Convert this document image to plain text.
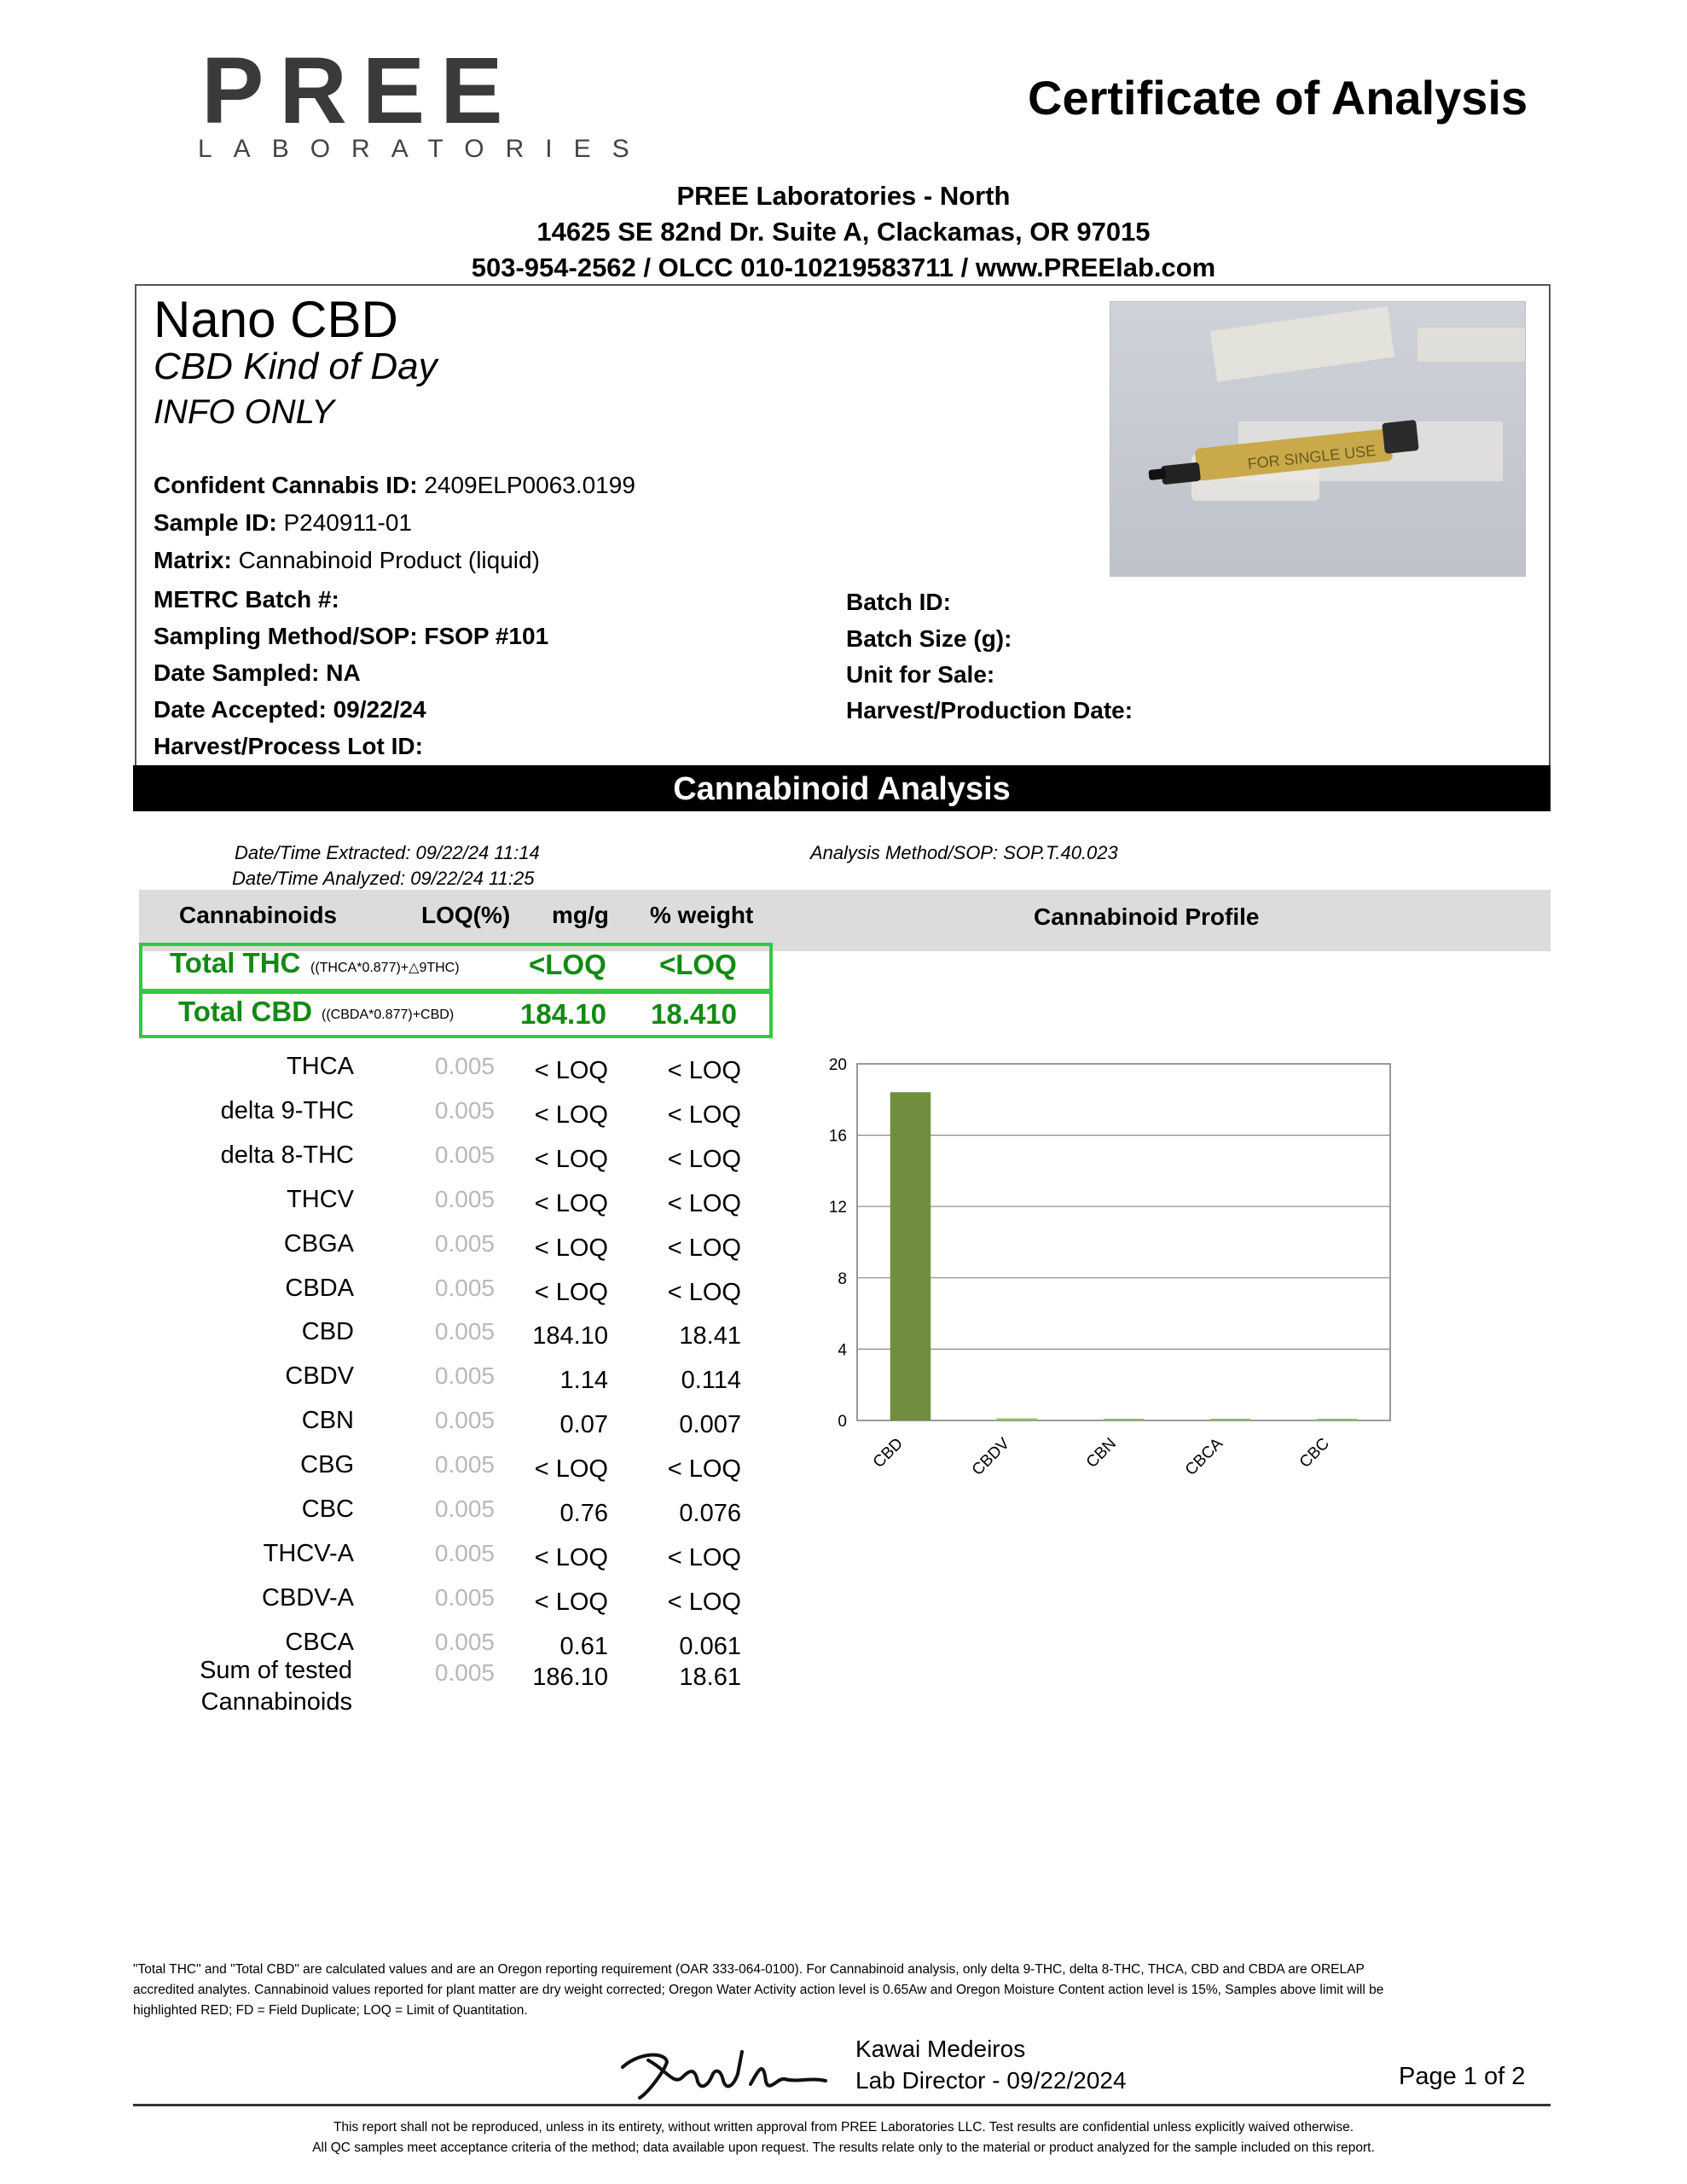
PREE
LABORATORIES
Certificate of Analysis
PREE Laboratories - North
14625 SE 82nd Dr. Suite A, Clackamas, OR 97015
503-954-2562 / OLCC 010-10219583711 / www.PREElab.com
Nano CBD
CBD Kind of Day
INFO ONLY
FOR SINGLE USE
Confident Cannabis ID: 2409ELP0063.0199
Sample ID: P240911-01
Matrix: Cannabinoid Product (liquid)
METRC Batch #:
Sampling Method/SOP: FSOP #101
Date Sampled: NA
Date Accepted: 09/22/24
Harvest/Process Lot ID:
Batch ID:
Batch Size (g):
Unit for Sale:
Harvest/Production Date:
Cannabinoid Analysis
Date/Time Extracted: 09/22/24 11:14
Date/Time Analyzed: 09/22/24 11:25
Analysis Method/SOP: SOP.T.40.023
Cannabinoids	LOQ(%) mg/g % weight	Cannabinoid Profile
Total THC ((THCA*0.877)+△9THC) <LOQ <LOQ
Total CBD ((CBDA*0.877)+CBD) 184.10 18.410
THCA	0.005	< LOQ	< LOQ
delta 9-THC	0.005	< LOQ	< LOQ
delta 8-THC	0.005	< LOQ	< LOQ
THCV	0.005	< LOQ	< LOQ
CBGA	0.005	< LOQ	< LOQ
CBDA	0.005	< LOQ	< LOQ
CBD	0.005	184.10	18.41
CBDV	0.005	1.14	0.114
CBN	0.005	0.07	0.007
CBG	0.005	< LOQ	< LOQ
CBC	0.005	0.76	0.076
THCV-A	0.005	< LOQ	< LOQ
CBDV-A	0.005	< LOQ	< LOQ
CBCA	0.005	0.61	0.061
Sum of tested
Cannabinoids
0.005	186.10	18.61
0
4
8
12
16
20
CBD	CBDV	CBN	CBCA	CBC
"Total THC" and "Total CBD" are calculated values and are an Oregon reporting requirement (OAR 333-064-0100). For Cannabinoid analysis, only delta 9-THC, delta 8-THC, THCA, CBD and CBDA are ORELAP accredited analytes. Cannabinoid values reported for plant matter are dry weight corrected; Oregon Water Activity action level is 0.65Aw and Oregon Moisture Content action level is 15%, Samples above limit will be highlighted RED; FD = Field Duplicate; LOQ = Limit of Quantitation.
Kawai Medeiros
Lab Director - 09/22/2024	Page 1 of 2
This report shall not be reproduced, unless in its entirety, without written approval from PREE Laboratories LLC. Test results are confidential unless explicitly waived otherwise.
All QC samples meet acceptance criteria of the method; data available upon request. The results relate only to the material or product analyzed for the sample included on this report.
